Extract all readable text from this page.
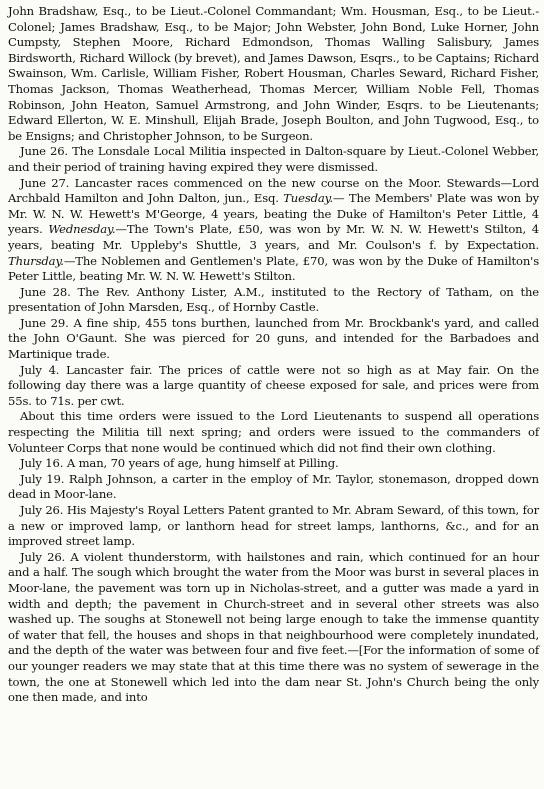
John Bradshaw, Esq., to be Lieut.-Colonel Commandant; Wm. Housman, Esq., to be Lieut.-Colonel; James Bradshaw, Esq., to be Major; John Webster, John Bond, Luke Horner, John Cumpsty, Stephen Moore, Richard Edmondson, Thomas Walling Salisbury, James Birdsworth, Richard Willock (by brevet), and James Dawson, Esqrs., to be Captains; Richard Swainson, Wm. Carlisle, William Fisher, Robert Housman, Charles Seward, Richard Fisher, Thomas Jackson, Thomas Weatherhead, Thomas Mercer, William Noble Fell, Thomas Robinson, John Heaton, Samuel Armstrong, and John Winder, Esqrs. to be Lieutenants; Edward Ellerton, W. E. Minshull, Elijah Brade, Joseph Boulton, and John Tugwood, Esq., to be Ensigns; and Christopher Johnson, to be Surgeon.

June 26. The Lonsdale Local Militia inspected in Dalton-square by Lieut.-Colonel Webber, and their period of training having expired they were dismissed.

June 27. Lancaster races commenced on the new course on the Moor. Stewards—Lord Archbald Hamilton and John Dalton, jun., Esq. Tuesday.— The Members' Plate was won by Mr. W. N. W. Hewett's M'George, 4 years, beating the Duke of Hamilton's Peter Little, 4 years. Wednesday.—The Town's Plate, £50, was won by Mr. W. N. W. Hewett's Stilton, 4 years, beating Mr. Uppleby's Shuttle, 3 years, and Mr. Coulson's f. by Expectation. Thursday.—The Noblemen and Gentlemen's Plate, £70, was won by the Duke of Hamilton's Peter Little, beating Mr. W. N. W. Hewett's Stilton.

June 28. The Rev. Anthony Lister, A.M., instituted to the Rectory of Tatham, on the presentation of John Marsden, Esq., of Hornby Castle.

June 29. A fine ship, 455 tons burthen, launched from Mr. Brockbank's yard, and called the John O'Gaunt. She was pierced for 20 guns, and intended for the Barbadoes and Martinique trade.

July 4. Lancaster fair. The prices of cattle were not so high as at May fair. On the following day there was a large quantity of cheese exposed for sale, and prices were from 55s. to 71s. per cwt.

About this time orders were issued to the Lord Lieutenants to suspend all operations respecting the Militia till next spring; and orders were issued to the commanders of Volunteer Corps that none would be continued which did not find their own clothing.

July 16. A man, 70 years of age, hung himself at Pilling.

July 19. Ralph Johnson, a carter in the employ of Mr. Taylor, stonemason, dropped down dead in Moor-lane.

July 26. His Majesty's Royal Letters Patent granted to Mr. Abram Seward, of this town, for a new or improved lamp, or lanthorn head for street lamps, lanthorns, &c., and for an improved street lamp.

July 26. A violent thunderstorm, with hailstones and rain, which continued for an hour and a half. The sough which brought the water from the Moor was burst in several places in Moor-lane, the pavement was torn up in Nicholas-street, and a gutter was made a yard in width and depth; the pavement in Church-street and in several other streets was also washed up. The soughs at Stonewell not being large enough to take the immense quantity of water that fell, the houses and shops in that neighbourhood were completely inundated, and the depth of the water was between four and five feet.—[For the information of some of our younger readers we may state that at this time there was no system of sewerage in the town, the one at Stonewell which led into the dam near St. John's Church being the only one then made, and into
